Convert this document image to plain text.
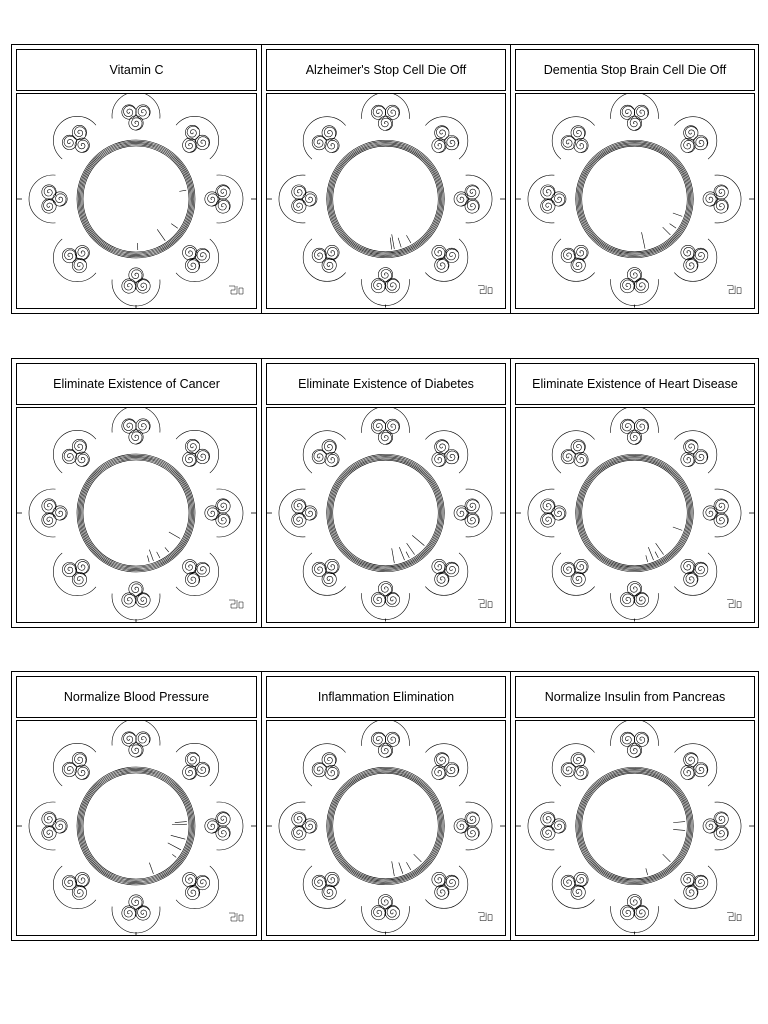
Vitamin C	Alzheimer's Stop Cell Die Off	Dementia Stop Brain Cell Die Off
Eliminate Existence of Cancer	Eliminate Existence of Diabetes	Eliminate Existence of Heart Disease
Normalize Blood Pressure	Inflammation Elimination	Normalize Insulin from Pancreas
